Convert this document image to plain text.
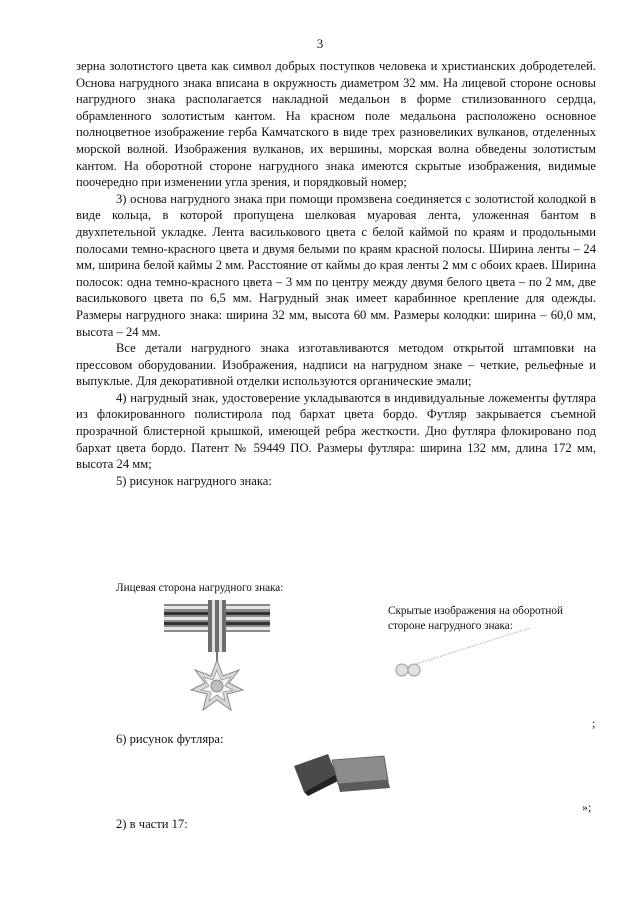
3

зерна золотистого цвета как символ добрых поступков человека и христианских добродетелей. Основа нагрудного знака вписана в окружность диаметром 32 мм. На лицевой стороне основы нагрудного знака располагается накладной медальон в форме стилизованного сердца, обрамленного золотистым кантом. На красном поле медальона расположено основное полноцветное изображение герба Камчатского в виде трех разновеликих вулканов, отделенных морской волной. Изображения вулканов, их вершины, морская волна обведены золотистым кантом. На оборотной стороне нагрудного знака имеются скрытые изображения, видимые поочередно при изменении угла зрения, и порядковый номер;

3) основа нагрудного знака при помощи промзвена соединяется с золотистой колодкой в виде кольца, в которой пропущена шелковая муаровая лента, уложенная бантом в двухпетельной укладке. Лента василькового цвета с белой каймой по краям и продольными полосами темно-красного цвета и двумя белыми по краям красной полосы. Ширина ленты – 24 мм, ширина белой каймы 2 мм. Расстояние от каймы до края ленты 2 мм с обоих краев. Ширина полосок: одна темно-красного цвета – 3 мм по центру между двумя белого цвета – по 2 мм, две василькового цвета по 6,5 мм. Нагрудный знак имеет карабинное крепление для одежды. Размеры нагрудного знака: ширина 32 мм, высота 60 мм. Размеры колодки: ширина – 60,0 мм, высота – 24 мм.

Все детали нагрудного знака изготавливаются методом открытой штамповки на прессовом оборудовании. Изображения, надписи на нагрудном знаке – четкие, рельефные и выпуклые. Для декоративной отделки используются органические эмали;

4) нагрудный знак, удостоверение укладываются в индивидуальные ложементы футляра из флокированного полистирола под бархат цвета бордо. Футляр закрывается съемной прозрачной блистерной крышкой, имеющей ребра жесткости. Дно футляра флокировано под бархат цвета бордо. Патент № 59449 ПО. Размеры футляра: ширина 132 мм, длина 172 мм, высота 24 мм;

5) рисунок нагрудного знака:

Лицевая сторона нагрудного знака:
Скрытые изображения на оборотной стороне нагрудного знака:
;
6) рисунок футляра:
»;
2) в части 17:
